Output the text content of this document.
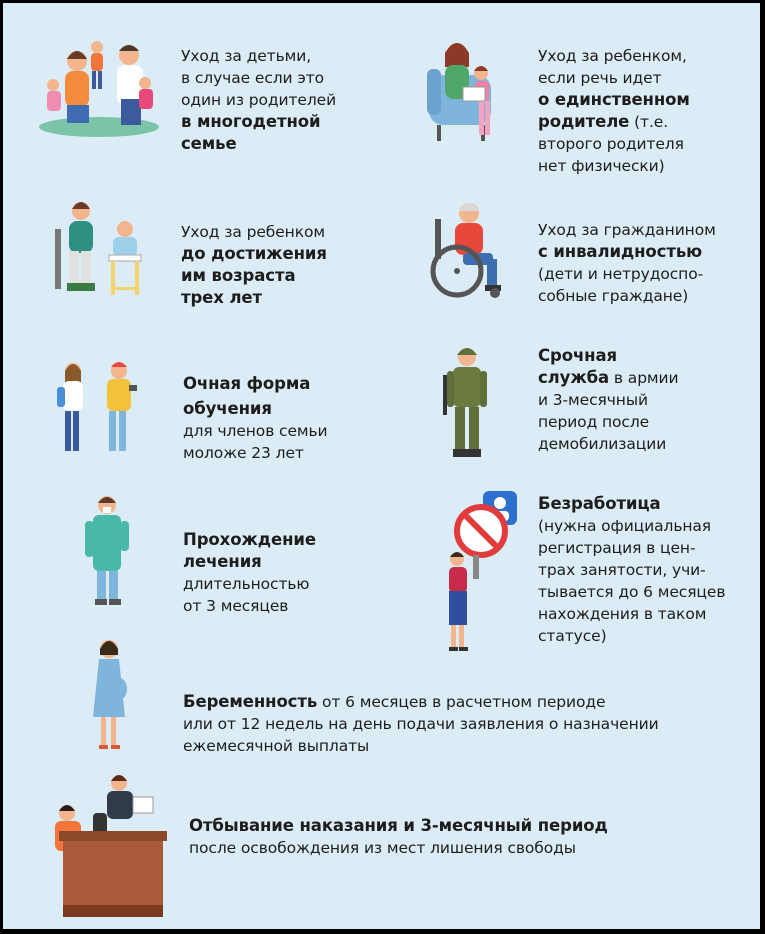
Уход за детьми,
в случае если это
один из родителей
в многодетной
семье
Уход за ребенком,
если речь идет
о единственном
родителе (т.е.
второго родителя
нет физически)
Уход за ребенком
до достижения
им возраста
трех лет
Уход за гражданином
с инвалидностью
(дети и нетрудоспо-
собные граждане)
Очная форма
обучения
для членов семьи
моложе 23 лет
Срочная
служба в армии
и 3-месячный
период после
демобилизации
Прохождение
лечения
длительностью
от 3 месяцев
Безработица
(нужна официальная
регистрация в цен-
трах занятости, учи-
тывается до 6 месяцев
нахождения в таком
статусе)
Беременность от 6 месяцев в расчетном периоде
или от 12 недель на день подачи заявления о назначении
ежемесячной выплаты
Отбывание наказания и 3-месячный период
после освобождения из мест лишения свободы
